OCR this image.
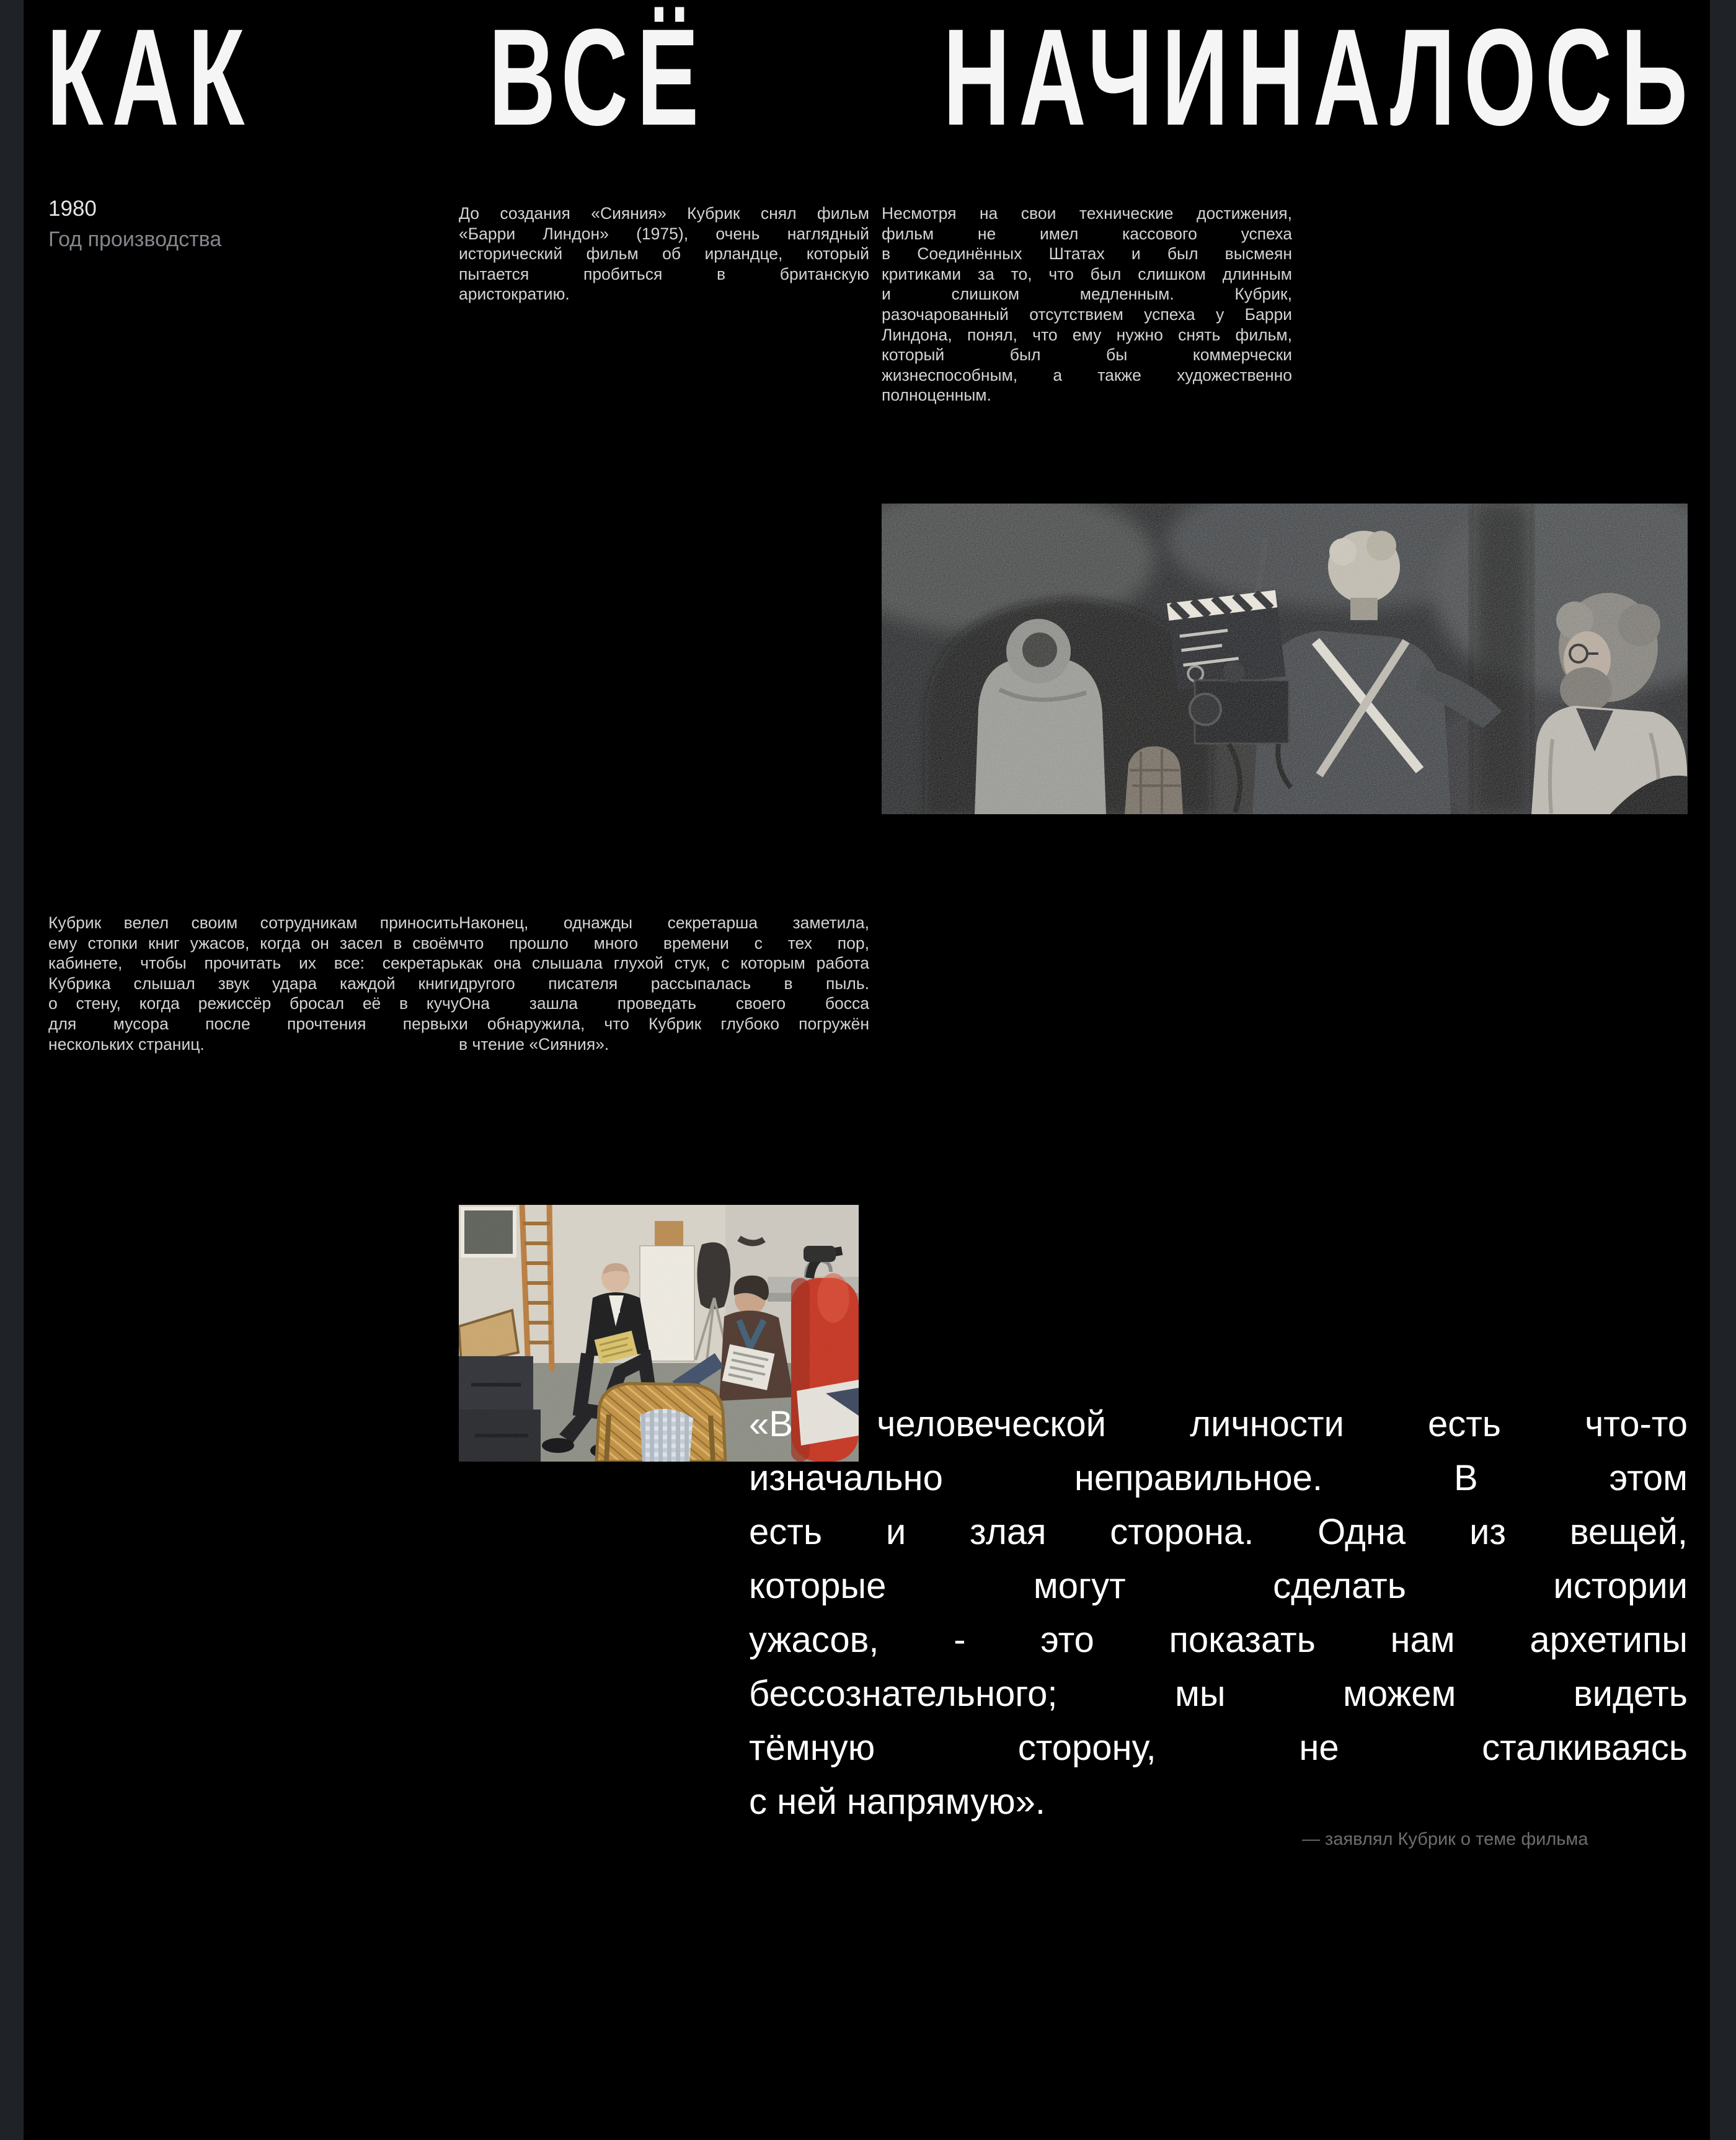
КАК	ВСЁ	НАЧИНАЛОСЬ
1980
Год производства
До создания «Сияния» Кубрик снял фильм
«Барри Линдон» (1975), очень наглядный
исторический фильм об ирландце, который
пытается пробиться в британскую
аристократию.
Несмотря на свои технические достижения,
фильм не имел кассового успеха
в Соединённых Штатах и был высмеян
критиками за то, что был слишком длинным
и слишком медленным. Кубрик,
разочарованный отсутствием успеха у Барри
Линдона, понял, что ему нужно снять фильм,
который был бы коммерчески
жизнеспособным, а также художественно
полноценным.
Кубрик велел своим сотрудникам приносить
ему стопки книг ужасов, когда он засел в своём
кабинете, чтобы прочитать их все: секретарь
Кубрика слышал звук удара каждой книги
о стену, когда режиссёр бросал её в кучу
для мусора после прочтения первых
нескольких страниц.
Наконец, однажды секретарша заметила,
что прошло много времени с тех пор,
как она слышала глухой стук, с которым работа
другого писателя рассыпалась в пыль.
Она зашла проведать своего босса
и обнаружила, что Кубрик глубоко погружён
в чтение «Сияния».
«В человеческой личности есть что-то
изначально неправильное. В этом
есть и злая сторона. Одна из вещей,
которые могут сделать истории
ужасов, - это показать нам архетипы
бессознательного; мы можем видеть
тёмную сторону, не сталкиваясь
с ней напрямую».
— заявлял Кубрик о теме фильма
